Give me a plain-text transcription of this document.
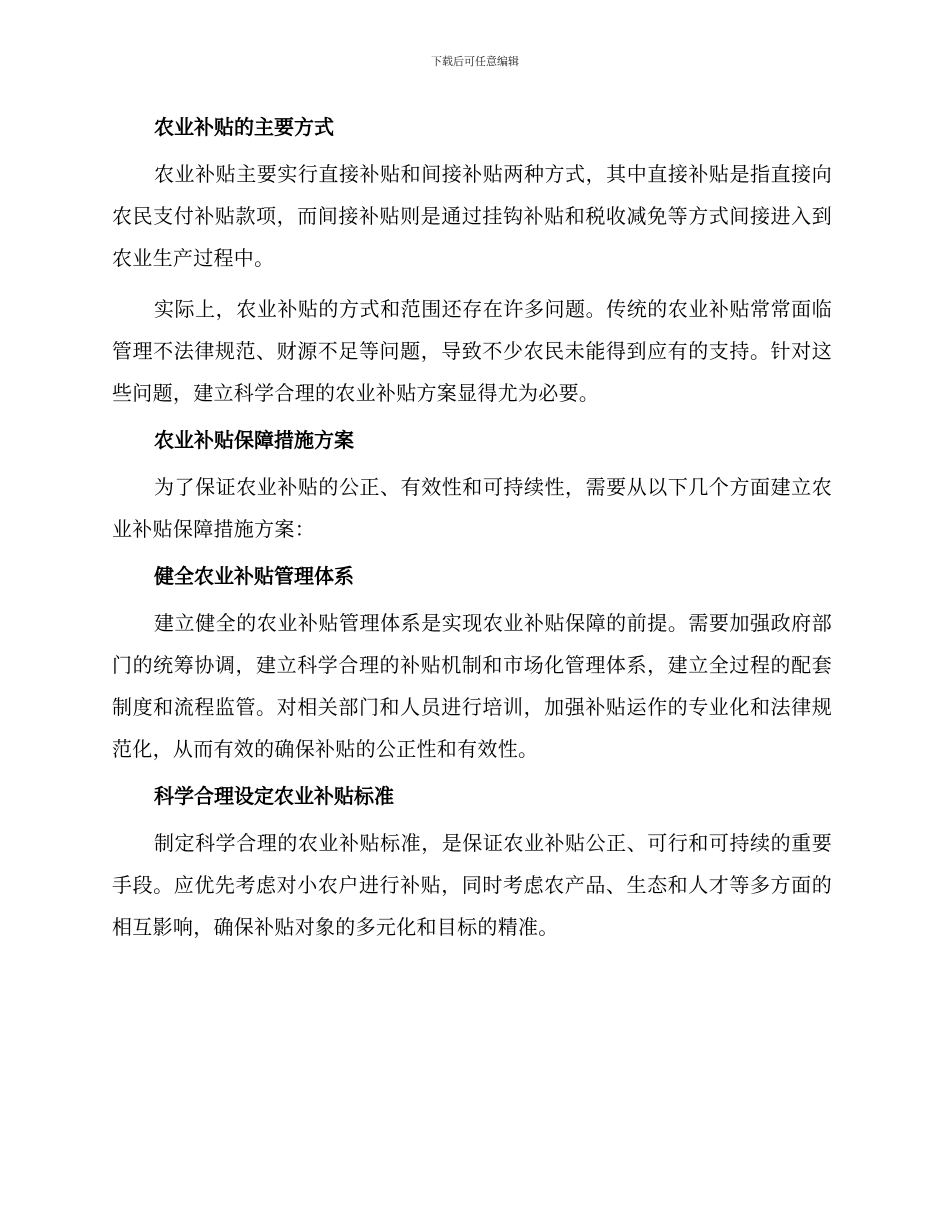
下载后可任意编辑
农业补贴的主要方式

农业补贴主要实行直接补贴和间接补贴两种方式，其中直接补贴是指直接向农民支付补贴款项，而间接补贴则是通过挂钩补贴和税收减免等方式间接进入到农业生产过程中。

实际上，农业补贴的方式和范围还存在许多问题。传统的农业补贴常常面临管理不法律规范、财源不足等问题，导致不少农民未能得到应有的支持。针对这些问题，建立科学合理的农业补贴方案显得尤为必要。

农业补贴保障措施方案

为了保证农业补贴的公正、有效性和可持续性，需要从以下几个方面建立农业补贴保障措施方案：

健全农业补贴管理体系

建立健全的农业补贴管理体系是实现农业补贴保障的前提。需要加强政府部门的统筹协调，建立科学合理的补贴机制和市场化管理体系，建立全过程的配套制度和流程监管。对相关部门和人员进行培训，加强补贴运作的专业化和法律规范化，从而有效的确保补贴的公正性和有效性。

科学合理设定农业补贴标准

制定科学合理的农业补贴标准，是保证农业补贴公正、可行和可持续的重要手段。应优先考虑对小农户进行补贴，同时考虑农产品、生态和人才等多方面的相互影响，确保补贴对象的多元化和目标的精准。
